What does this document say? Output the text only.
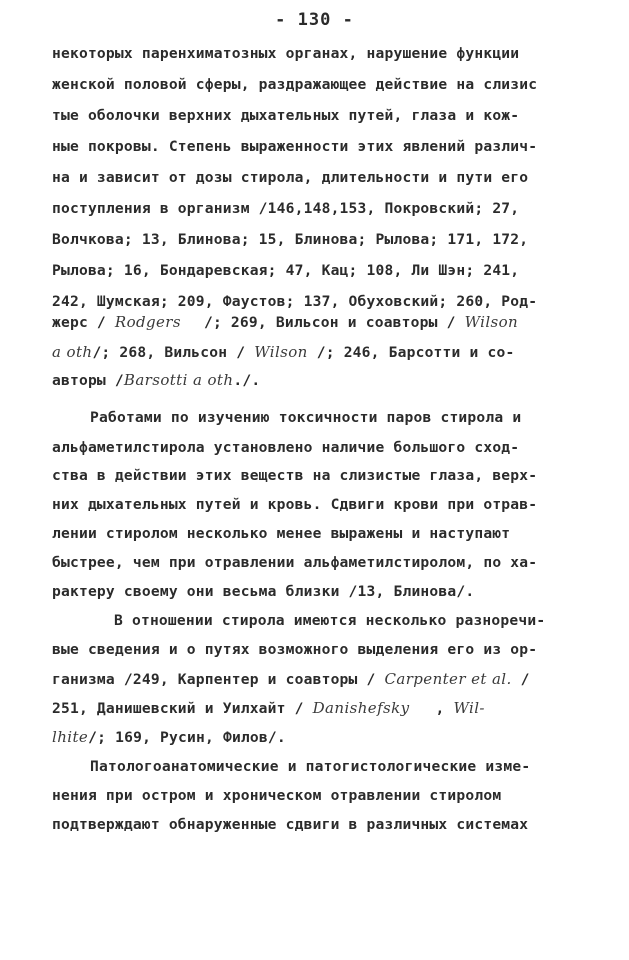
- 130 -
некоторых паренхиматозных органах, нарушение функции
женской половой сферы, раздражающее действие на слизис
тые оболочки верхних дыхательных путей, глаза и кож-
ные покровы. Степень выраженности этих явлений различ-
на и зависит от дозы стирола, длительности и пути его
поступления в организм /146,148,153, Покровский; 27,
Волчкова; 13, Блинова; 15, Блинова; Рылова; 171, 172,
Рылова; 16, Бондаревская; 47, Кац; 108, Ли Шэн; 241,
242, Шумская; 209, Фаустов; 137, Обуховский; 260, Род-
жерс / Rodgers /; 269, Вильсон и соавторы / Wilson
a oth/; 268, Вильсон / Wilson /; 246, Барсотти и со-
авторы /Barsotti a oth./.
Работами по изучению токсичности паров стирола и
альфаметилстирола установлено наличие большого сход-
ства в действии этих веществ на слизистые глаза, верх-
них дыхательных путей и кровь. Сдвиги крови при отрав-
лении стиролом несколько менее выражены и наступают
быстрее, чем при отравлении альфаметилстиролом, по ха-
рактеру своему они весьма близки /13, Блинова/.
В отношении стирола имеются несколько разноречи-
вые сведения и о путях возможного выделения его из ор-
ганизма /249, Карпентер и соавторы / Carpenter et al. /
251, Данишевский и Уилхайт / Danishefsky , Wil-
lhite/; 169, Русин, Филов/.
Патологоанатомические и патогистологические изме-
нения при остром и хроническом отравлении стиролом
подтверждают обнаруженные сдвиги в различных системах
